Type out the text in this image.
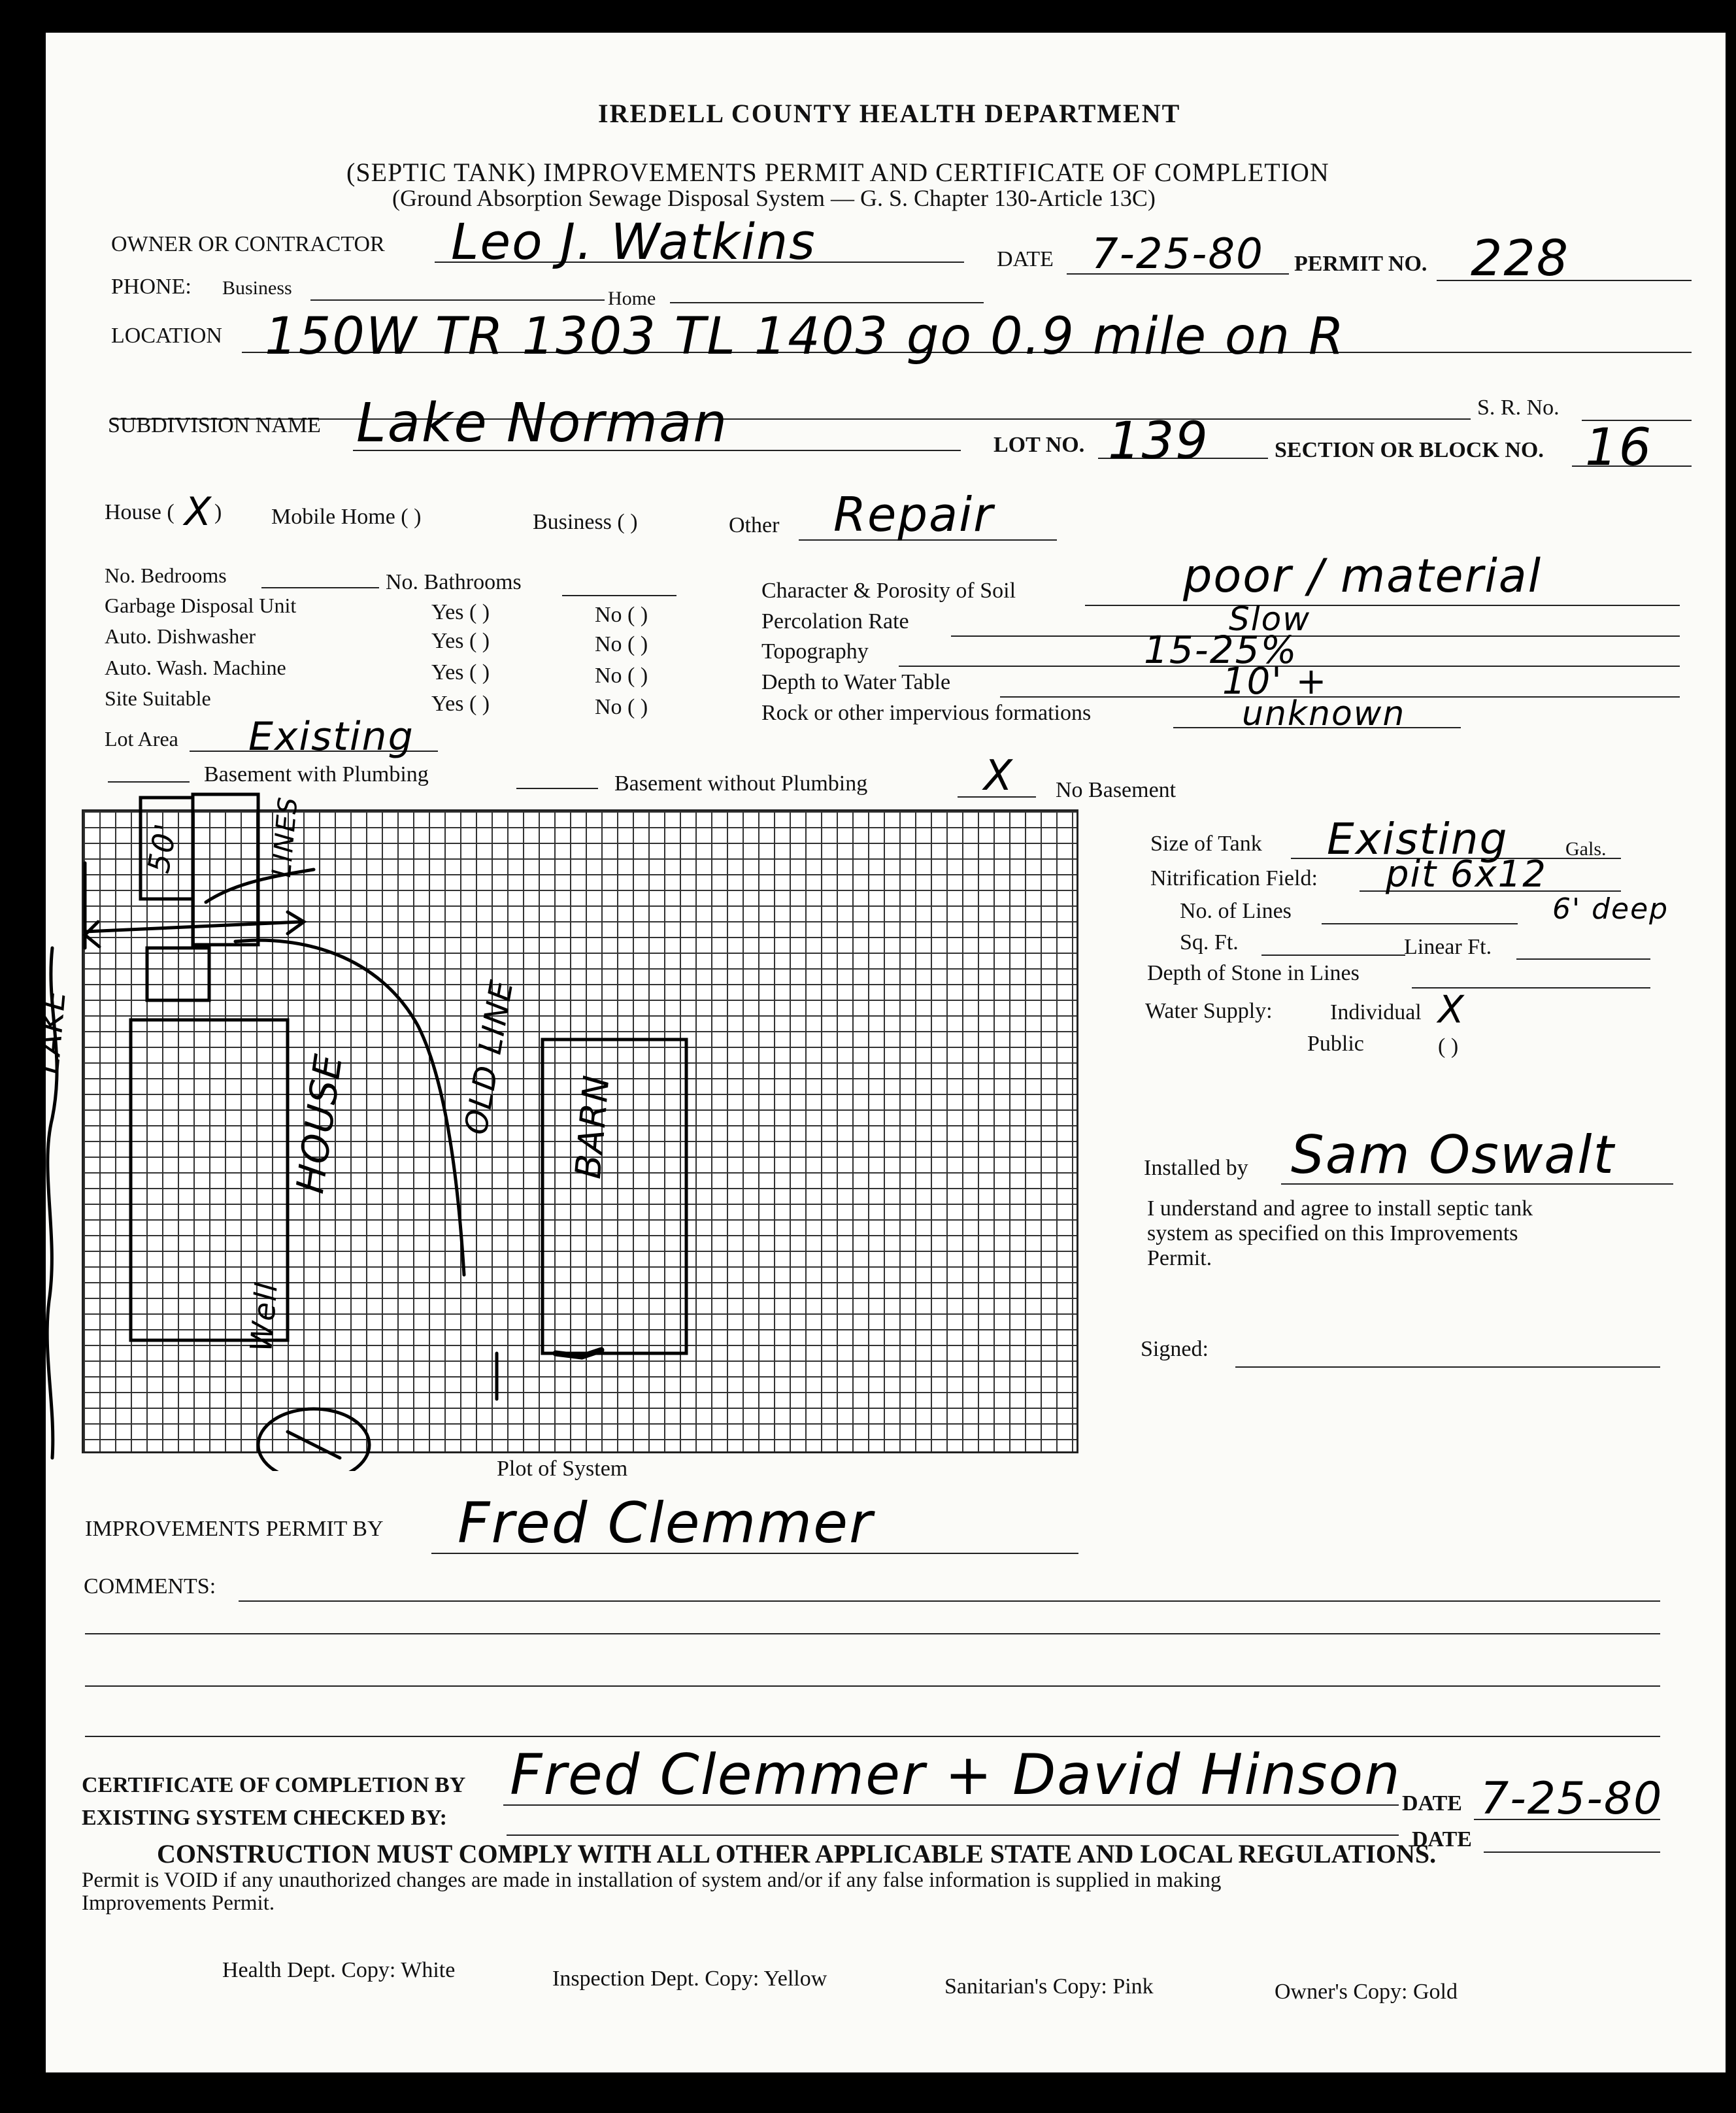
IREDELL COUNTY HEALTH DEPARTMENT
(SEPTIC TANK) IMPROVEMENTS PERMIT AND CERTIFICATE OF COMPLETION
(Ground Absorption Sewage Disposal System — G. S. Chapter 130-Article 13C)
OWNER OR CONTRACTOR Leo J. Watkins	DATE 7-25-80 PERMIT NO. 228
PHONE: Business	Home
LOCATION 150W TR 1303 TL 1403 go 0.9 mile on R
S. R. No.
SUBDIVISION NAME Lake Norman	LOT NO. 139	SECTION OR BLOCK NO. 16
House ( X ) Mobile Home ( )	Business ( )	Other Repair
No. Bedrooms	No. Bathrooms
Garbage Disposal Unit	Yes ( )	No ( )
Auto. Dishwasher	Yes ( )	No ( )
Auto. Wash. Machine	Yes ( )	No ( )
Site Suitable	Yes ( )	No ( )
Lot Area Existing
Character & Porosity of Soil	poor / material
Percolation Rate	Slow
Topography	15-25%
Depth to Water Table	10' +
Rock or other impervious formations	unknown
Basement with Plumbing	Basement without Plumbing	X No Basement
LAKE
LINES
50'
HOUSE	OLD LINE BARN
Well
Plot of System
Size of Tank Existing	Gals.
Nitrification Field: pit 6x12
6' deep
No. of Lines
Sq. Ft.	Linear Ft.
Depth of Stone in Lines
Water Supply:	Individual X
Public	( )
Installed by Sam Oswalt
I understand and agree to install septic tank
system as specified on this Improvements
Permit.
Signed:
IMPROVEMENTS PERMIT BY Fred Clemmer
COMMENTS:
CERTIFICATE OF COMPLETION BY Fred Clemmer + David Hinson DATE 7-25-80
EXISTING SYSTEM CHECKED BY:
DATE
CONSTRUCTION MUST COMPLY WITH ALL OTHER APPLICABLE STATE AND LOCAL REGULATIONS.
Permit is VOID if any unauthorized changes are made in installation of system and/or if any false information is supplied in making
Improvements Permit.
Health Dept. Copy: White	Inspection Dept. Copy: Yellow	Sanitarian's Copy: Pink	Owner's Copy: Gold
